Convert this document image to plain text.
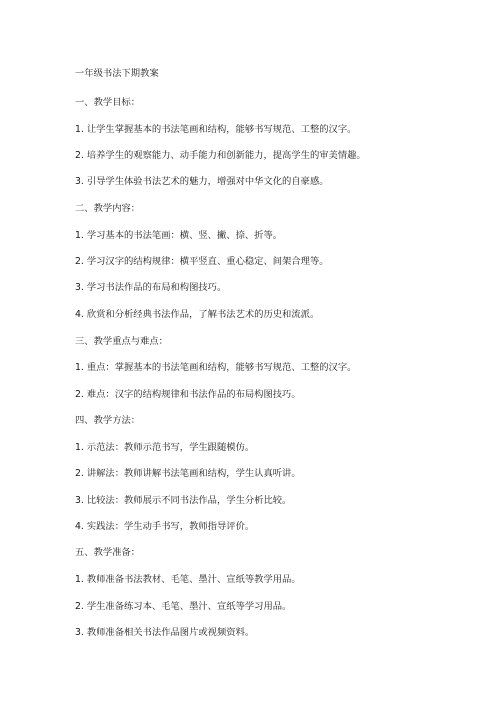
一年级书法下期教案
一、教学目标：
1. 让学生掌握基本的书法笔画和结构，能够书写规范、工整的汉字。
2. 培养学生的观察能力、动手能力和创新能力，提高学生的审美情趣。
3. 引导学生体验书法艺术的魅力，增强对中华文化的自豪感。
二、教学内容：
1. 学习基本的书法笔画：横、竖、撇、捺、折等。
2. 学习汉字的结构规律：横平竖直、重心稳定、间架合理等。
3. 学习书法作品的布局和构图技巧。
4. 欣赏和分析经典书法作品，了解书法艺术的历史和流派。
三、教学重点与难点：
1. 重点：掌握基本的书法笔画和结构，能够书写规范、工整的汉字。
2. 难点：汉字的结构规律和书法作品的布局构图技巧。
四、教学方法：
1. 示范法：教师示范书写，学生跟随模仿。
2. 讲解法：教师讲解书法笔画和结构，学生认真听讲。
3. 比较法：教师展示不同书法作品，学生分析比较。
4. 实践法：学生动手书写，教师指导评价。
五、教学准备：
1. 教师准备书法教材、毛笔、墨汁、宣纸等教学用品。
2. 学生准备练习本、毛笔、墨汁、宣纸等学习用品。
3. 教师准备相关书法作品图片或视频资料。
